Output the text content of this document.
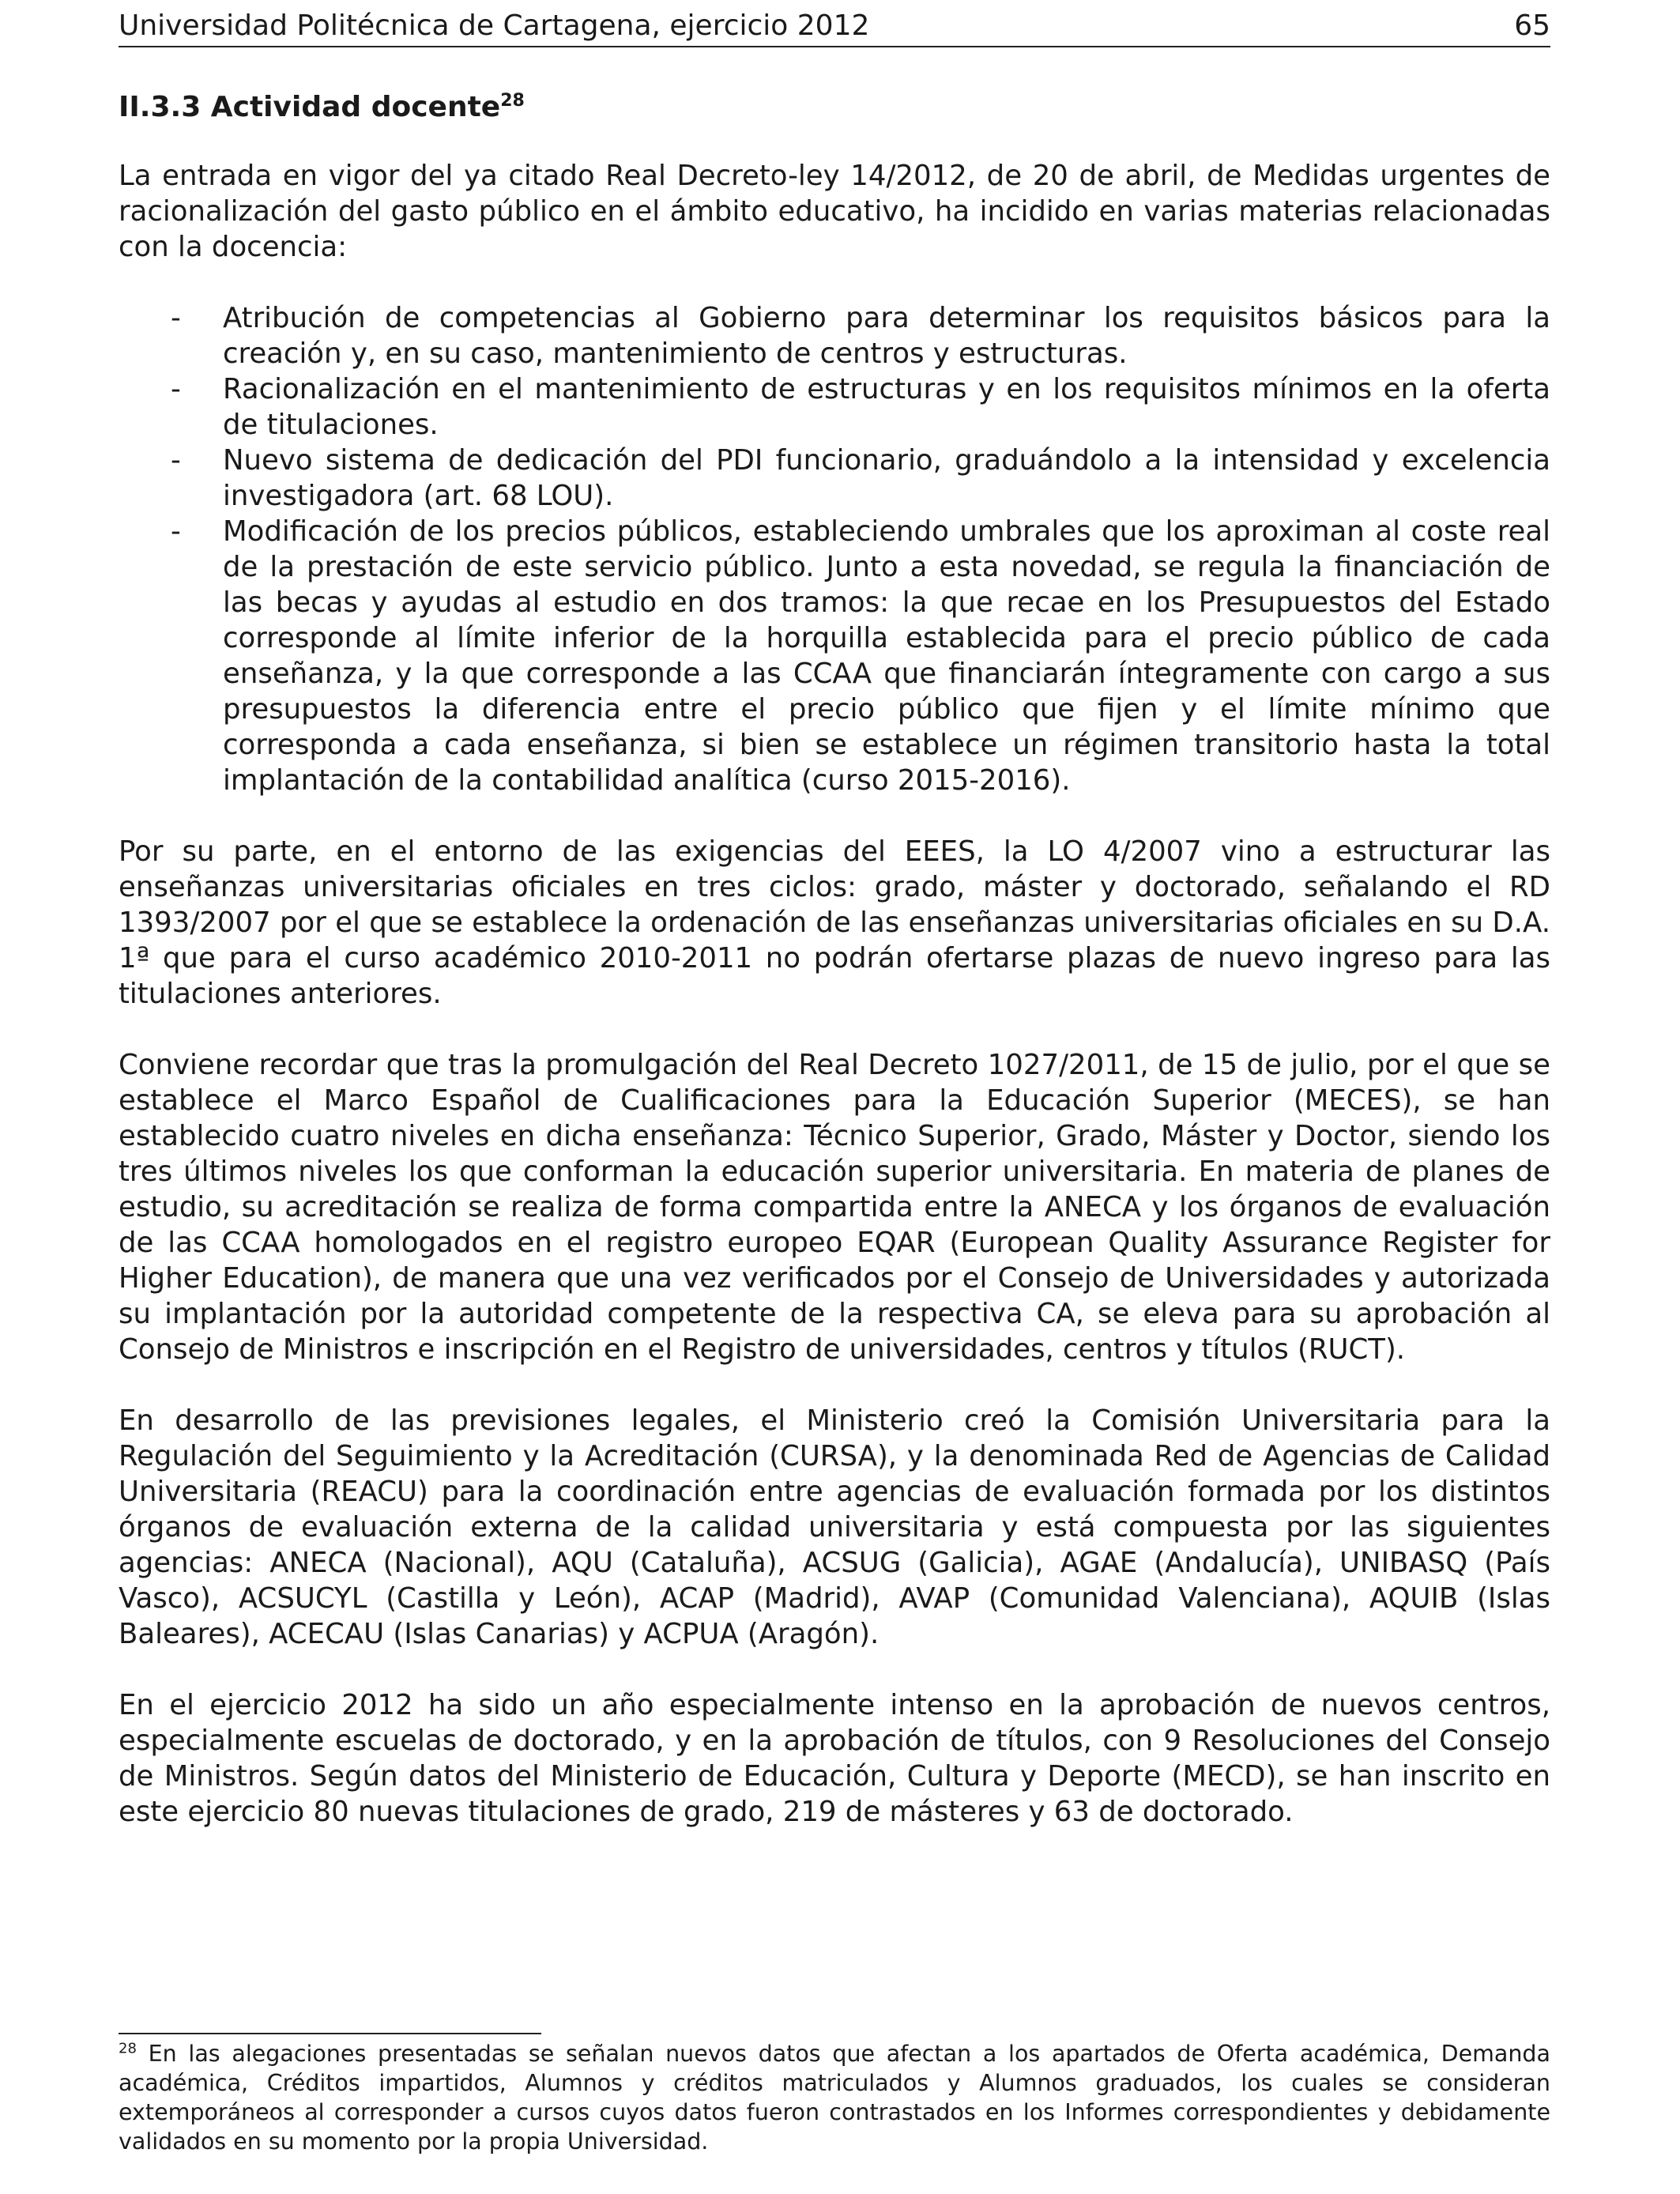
Universidad Politécnica de Cartagena, ejercicio 2012	65
II.3.3 Actividad docente$^{28}$

La entrada en vigor del ya citado Real Decreto-ley 14/2012, de 20 de abril, de Medidas urgentes de racionalización del gasto público en el ámbito educativo, ha incidido en varias materias relacionadas con la docencia:

- Atribución de competencias al Gobierno para determinar los requisitos básicos para la creación y, en su caso, mantenimiento de centros y estructuras.
- Racionalización en el mantenimiento de estructuras y en los requisitos mínimos en la oferta de titulaciones.
- Nuevo sistema de dedicación del PDI funcionario, graduándolo a la intensidad y excelencia investigadora (art. 68 LOU).
- Modificación de los precios públicos, estableciendo umbrales que los aproximan al coste real de la prestación de este servicio público. Junto a esta novedad, se regula la financiación de las becas y ayudas al estudio en dos tramos: la que recae en los Presupuestos del Estado corresponde al límite inferior de la horquilla establecida para el precio público de cada enseñanza, y la que corresponde a las CCAA que financiarán íntegramente con cargo a sus presupuestos la diferencia entre el precio público que fijen y el límite mínimo que corresponda a cada enseñanza, si bien se establece un régimen transitorio hasta la total implantación de la contabilidad analítica (curso 2015-2016).

Por su parte, en el entorno de las exigencias del EEES, la LO 4/2007 vino a estructurar las enseñanzas universitarias oficiales en tres ciclos: grado, máster y doctorado, señalando el RD 1393/2007 por el que se establece la ordenación de las enseñanzas universitarias oficiales en su D.A. 1ª que para el curso académico 2010-2011 no podrán ofertarse plazas de nuevo ingreso para las titulaciones anteriores.

Conviene recordar que tras la promulgación del Real Decreto 1027/2011, de 15 de julio, por el que se establece el Marco Español de Cualificaciones para la Educación Superior (MECES), se han establecido cuatro niveles en dicha enseñanza: Técnico Superior, Grado, Máster y Doctor, siendo los tres últimos niveles los que conforman la educación superior universitaria. En materia de planes de estudio, su acreditación se realiza de forma compartida entre la ANECA y los órganos de evaluación de las CCAA homologados en el registro europeo EQAR (European Quality Assurance Register for Higher Education), de manera que una vez verificados por el Consejo de Universidades y autorizada su implantación por la autoridad competente de la respectiva CA, se eleva para su aprobación al Consejo de Ministros e inscripción en el Registro de universidades, centros y títulos (RUCT).

En desarrollo de las previsiones legales, el Ministerio creó la Comisión Universitaria para la Regulación del Seguimiento y la Acreditación (CURSA), y la denominada Red de Agencias de Calidad Universitaria (REACU) para la coordinación entre agencias de evaluación formada por los distintos órganos de evaluación externa de la calidad universitaria y está compuesta por las siguientes agencias: ANECA (Nacional), AQU (Cataluña), ACSUG (Galicia), AGAE (Andalucía), UNIBASQ (País Vasco), ACSUCYL (Castilla y León), ACAP (Madrid), AVAP (Comunidad Valenciana), AQUIB (Islas Baleares), ACECAU (Islas Canarias) y ACPUA (Aragón).

En el ejercicio 2012 ha sido un año especialmente intenso en la aprobación de nuevos centros, especialmente escuelas de doctorado, y en la aprobación de títulos, con 9 Resoluciones del Consejo de Ministros. Según datos del Ministerio de Educación, Cultura y Deporte (MECD), se han inscrito en este ejercicio 80 nuevas titulaciones de grado, 219 de másteres y 63 de doctorado.

$^{28}$ En las alegaciones presentadas se señalan nuevos datos que afectan a los apartados de Oferta académica, Demanda académica, Créditos impartidos, Alumnos y créditos matriculados y Alumnos graduados, los cuales se consideran extemporáneos al corresponder a cursos cuyos datos fueron contrastados en los Informes correspondientes y debidamente validados en su momento por la propia Universidad.
